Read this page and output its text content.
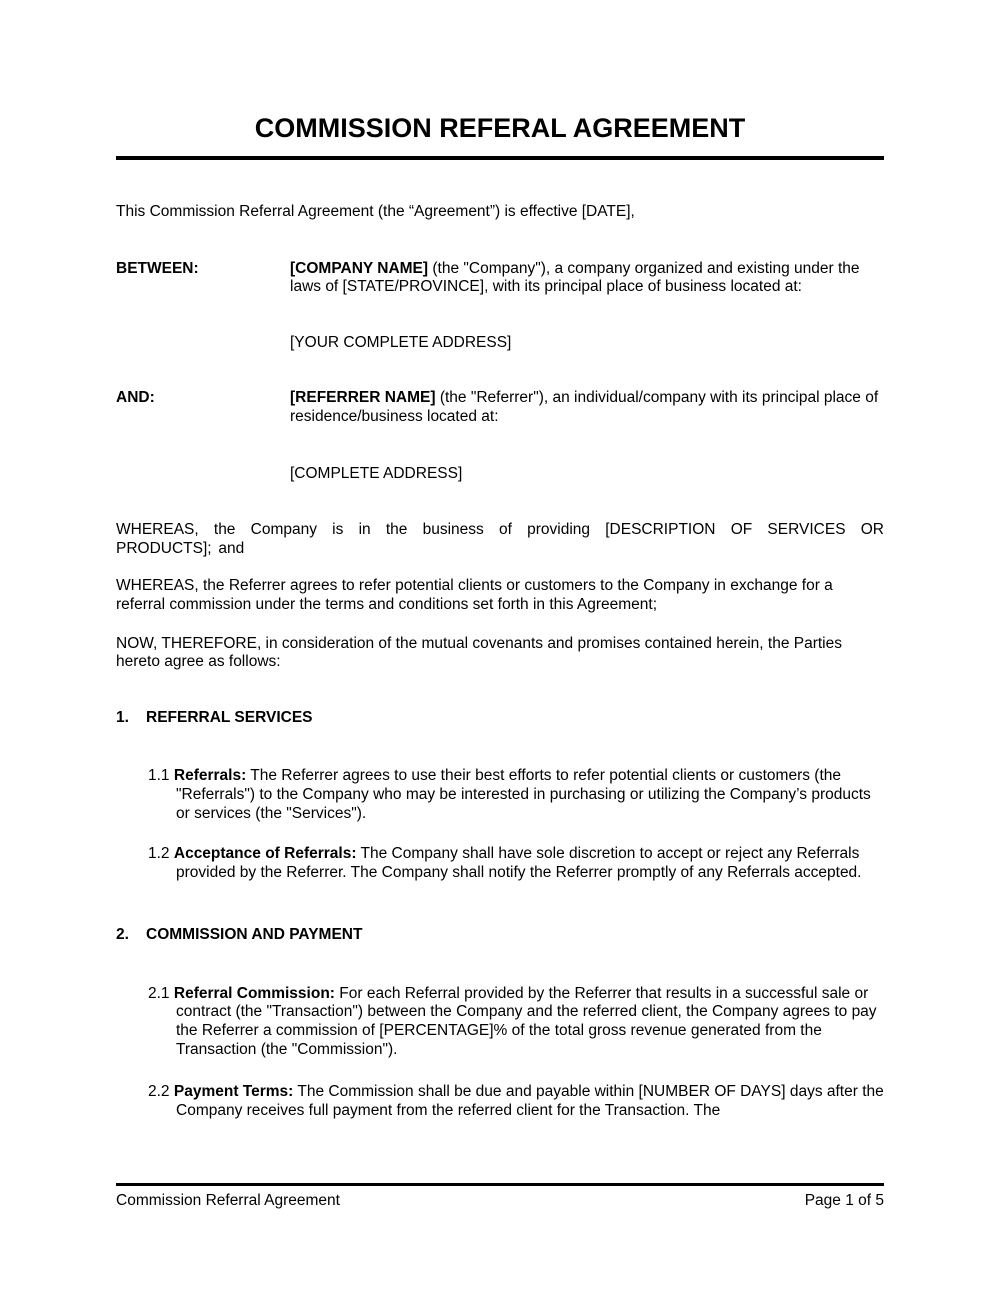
COMMISSION REFERAL AGREEMENT

This Commission Referral Agreement (the “Agreement”) is effective [DATE],

BETWEEN:	[COMPANY NAME] (the "Company"), a company organized and existing under the laws of [STATE/PROVINCE], with its principal place of business located at:
[YOUR COMPLETE ADDRESS]
AND:	[REFERRER NAME] (the "Referrer"), an individual/company with its principal place of residence/business located at:
[COMPLETE ADDRESS]

WHEREAS, the Company is in the business of providing [DESCRIPTION OF SERVICES OR PRODUCTS]; and

WHEREAS, the Referrer agrees to refer potential clients or customers to the Company in exchange for a referral commission under the terms and conditions set forth in this Agreement;

NOW, THEREFORE, in consideration of the mutual covenants and promises contained herein, the Parties hereto agree as follows:

1.	REFERRAL SERVICES
1.1 Referrals: The Referrer agrees to use their best efforts to refer potential clients or customers (the "Referrals") to the Company who may be interested in purchasing or utilizing the Company’s products or services (the "Services").
1.2 Acceptance of Referrals: The Company shall have sole discretion to accept or reject any Referrals provided by the Referrer. The Company shall notify the Referrer promptly of any Referrals accepted.
2.	COMMISSION AND PAYMENT
2.1 Referral Commission: For each Referral provided by the Referrer that results in a successful sale or contract (the "Transaction") between the Company and the referred client, the Company agrees to pay the Referrer a commission of [PERCENTAGE]% of the total gross revenue generated from the Transaction (the "Commission").
2.2 Payment Terms: The Commission shall be due and payable within [NUMBER OF DAYS] days after the Company receives full payment from the referred client for the Transaction. The
Commission Referral Agreement	Page 1 of 5
